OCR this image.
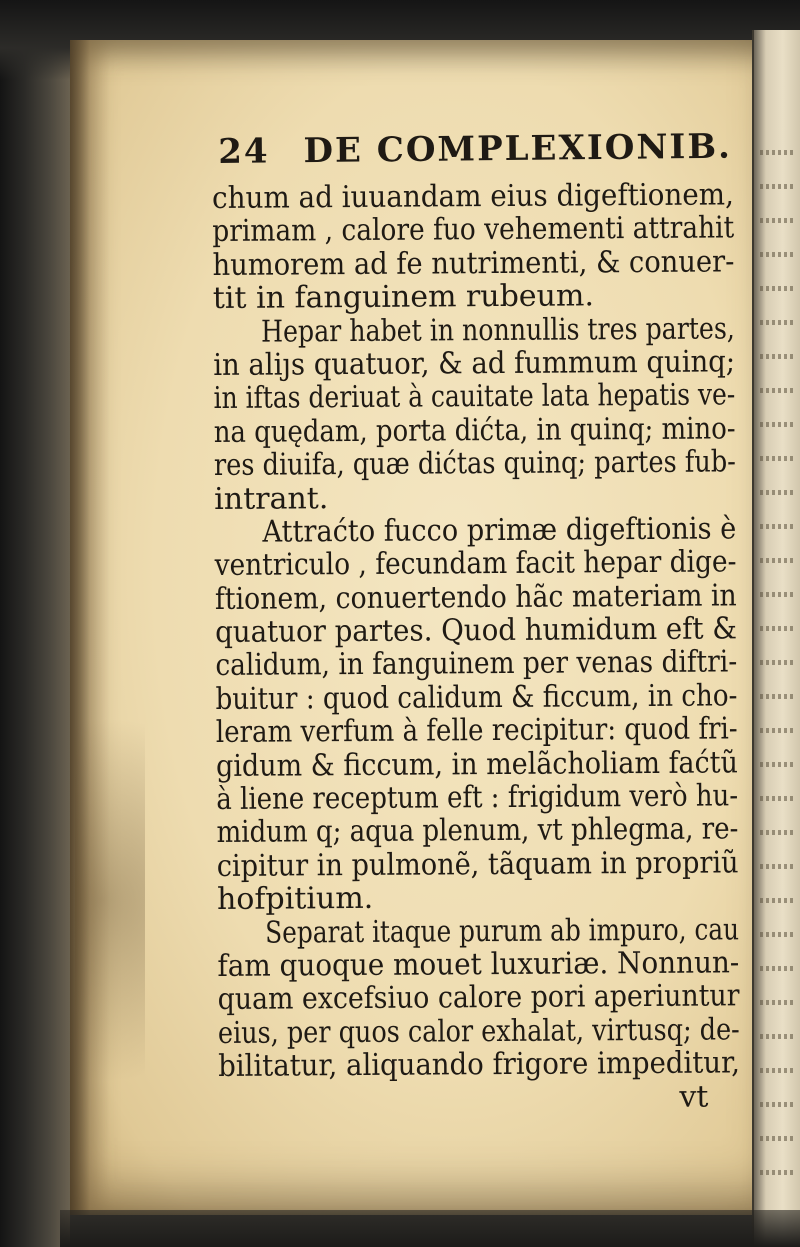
24 DE COMPLEXIONIB.
chum ad iuuandam eius digeftionem,
primam , calore fuo vehementi attrahit
humorem ad fe nutrimenti, & conuer-
tit in fanguinem rubeum.
Hepar habet in nonnullis tres partes,
in aliȷs quatuor, & ad fummum quinq;
in iftas deriuat à cauitate lata hepatis ve-
na quędam, porta dićta, in quinq; mino-
res diuifa, quæ dićtas quinq; partes fub-
intrant.
Attraćto fucco primæ digeftionis è
ventriculo , fecundam facit hepar dige-
ftionem, conuertendo hãc materiam in
quatuor partes. Quod humidum eft &
calidum, in fanguinem per venas diftri-
buitur : quod calidum & ficcum, in cho-
leram verfum à felle recipitur: quod fri-
gidum & ficcum, in melãcholiam faćtũ
à liene receptum eft : frigidum verò hu-
midum q; aqua plenum, vt phlegma, re-
cipitur in pulmonẽ, tãquam in propriũ
hofpitium.
Separat itaque purum ab impuro, cau
fam quoque mouet luxuriæ. Nonnun-
quam excefsiuo calore pori aperiuntur
eius, per quos calor exhalat, virtusq; de-
bilitatur, aliquando frigore impeditur,
vt
